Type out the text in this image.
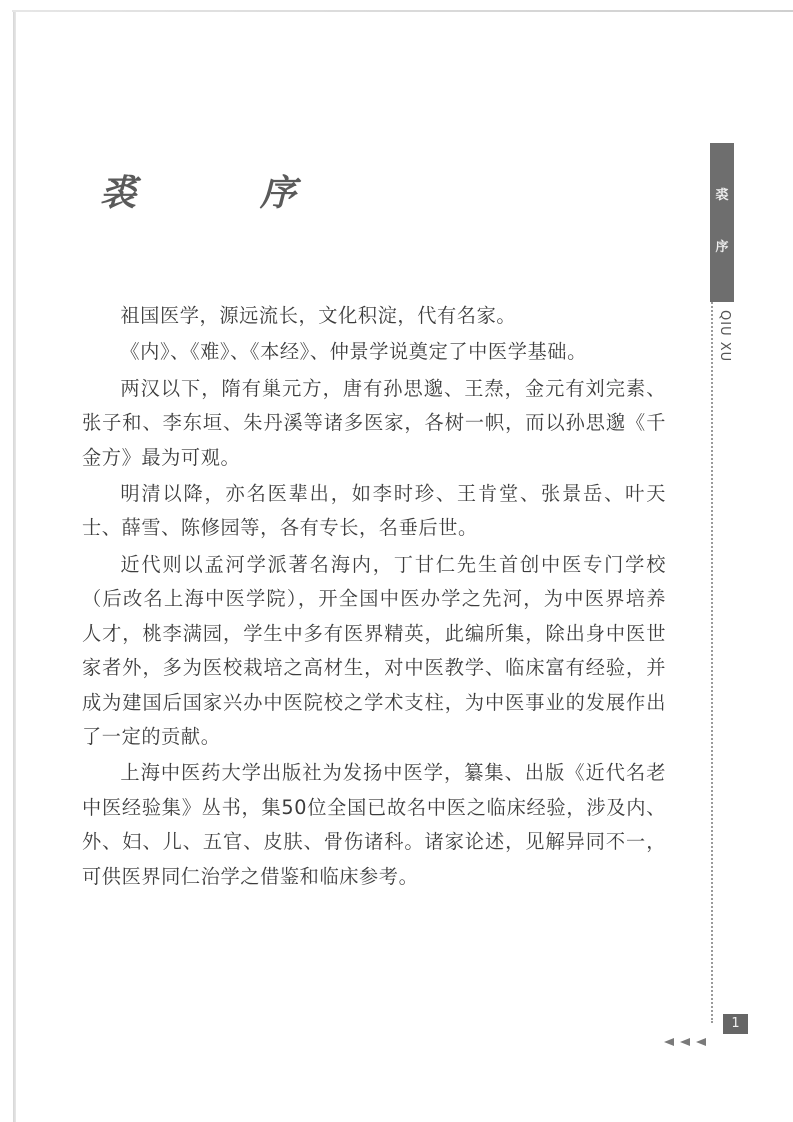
裘　序

祖国医学，源远流长，文化积淀，代有名家。

《内》、《难》、《本经》、仲景学说奠定了中医学基础。

两汉以下，隋有巢元方，唐有孙思邈、王焘，金元有刘完素、张子和、李东垣、朱丹溪等诸多医家，各树一帜，而以孙思邈《千金方》最为可观。

明清以降，亦名医辈出，如李时珍、王肯堂、张景岳、叶天士、薛雪、陈修园等，各有专长，名垂后世。

近代则以孟河学派著名海内，丁甘仁先生首创中医专门学校（后改名上海中医学院），开全国中医办学之先河，为中医界培养人才，桃李满园，学生中多有医界精英，此编所集，除出身中医世家者外，多为医校栽培之高材生，对中医教学、临床富有经验，并成为建国后国家兴办中医院校之学术支柱，为中医事业的发展作出了一定的贡献。

上海中医药大学出版社为发扬中医学，纂集、出版《近代名老中医经验集》丛书，集50位全国已故名中医之临床经验，涉及内、外、妇、儿、五官、皮肤、骨伤诸科。诸家论述，见解异同不一，可供医界同仁治学之借鉴和临床参考。

裘
序
QIU XU
1
